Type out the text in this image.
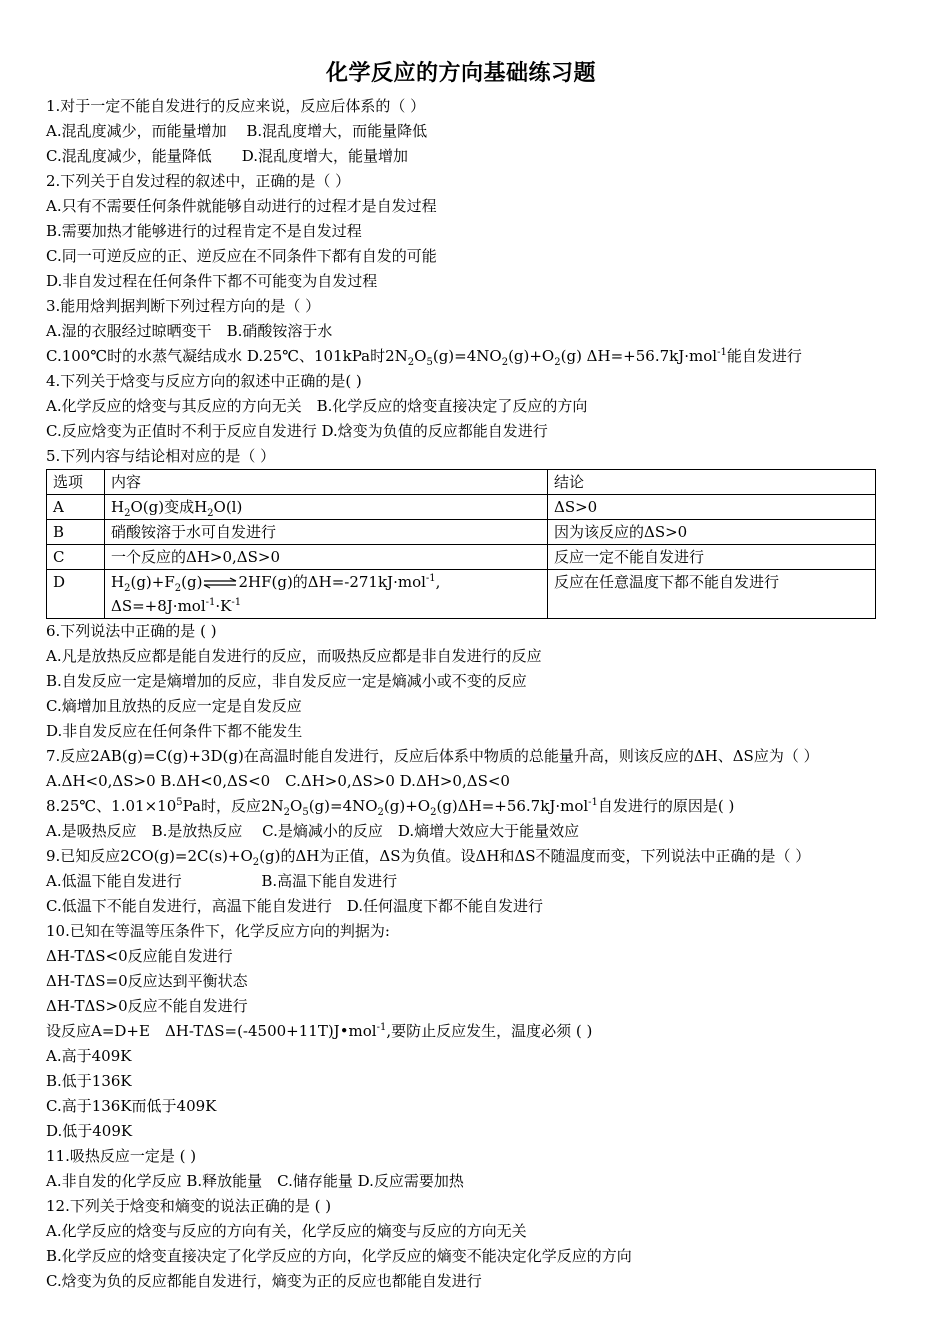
化学反应的方向基础练习题
1.对于一定不能自发进行的反应来说，反应后体系的（ ）
A.混乱度减少，而能量增加　 B.混乱度增大，而能量降低
C.混乱度减少，能量降低　　D.混乱度增大，能量增加
2.下列关于自发过程的叙述中，正确的是（ ）
A.只有不需要任何条件就能够自动进行的过程才是自发过程
B.需要加热才能够进行的过程肯定不是自发过程
C.同一可逆反应的正、逆反应在不同条件下都有自发的可能
D.非自发过程在任何条件下都不可能变为自发过程
3.能用焓判据判断下列过程方向的是（ ）
A.湿的衣服经过晾晒变干　B.硝酸铵溶于水
C.100℃时的水蒸气凝结成水 D.25℃、101kPa时$2N_2O_5(g)=4NO_2(g)+O_2(g)$ ΔH=+56.7kJ·mol$^{-1}$能自发进行
4.下列关于焓变与反应方向的叙述中正确的是( )
A.化学反应的焓变与其反应的方向无关　B.化学反应的焓变直接决定了反应的方向
C.反应焓变为正值时不利于反应自发进行 D.焓变为负值的反应都能自发进行
5.下列内容与结论相对应的是（ ）
选项	内容	结论
A	$H_2O(g)$变成$H_2O(l)$	ΔS>0
B	硝酸铵溶于水可自发进行	因为该反应的ΔS>0
C	一个反应的ΔH>0,ΔS>0	反应一定不能自发进行
D	$H_2(g)+F_2(g)\rightleftharpoons 2HF(g)$的ΔH=-271kJ·mol$^{-1}$,
$\Delta S=+8J\cdot mol^{-1}\cdot K^{-1}$	反应在任意温度下都不能自发进行
6.下列说法中正确的是 ( )
A.凡是放热反应都是能自发进行的反应，而吸热反应都是非自发进行的反应
B.自发反应一定是熵增加的反应，非自发反应一定是熵减小或不变的反应
C.熵增加且放热的反应一定是自发反应
D.非自发反应在任何条件下都不能发生
7.反应2AB(g)=C(g)+3D(g)在高温时能自发进行，反应后体系中物质的总能量升高，则该反应的ΔH、ΔS应为（ ）
A.ΔH<0,ΔS>0 B.ΔH<0,ΔS<0　C.ΔH>0,ΔS>0 D.ΔH>0,ΔS<0
8.25℃、$1.01\times 10^5Pa$时，反应$2N_2O_5(g)=4NO_2(g)+O_2(g)\Delta H=+56.7kJ\cdot mol^{-1}$自发进行的原因是( )
A.是吸热反应　B.是放热反应　 C.是熵减小的反应　D.熵增大效应大于能量效应
9.已知反应$2CO(g)=2C(s)+O_2(g)$的ΔH为正值，ΔS为负值。设ΔH和ΔS不随温度而变，下列说法中正确的是（ ）
A.低温下能自发进行　　　　　 B.高温下能自发进行
C.低温下不能自发进行，高温下能自发进行　D.任何温度下都不能自发进行
10.已知在等温等压条件下，化学反应方向的判据为:
ΔH-TΔS<0反应能自发进行
ΔH-TΔS=0反应达到平衡状态
ΔH-TΔS>0反应不能自发进行
设反应A=D+E　ΔH-TΔS=(-4500+11T)J•mol$^{-1}$,要防止反应发生，温度必须 ( )
A.高于409K
B.低于136K
C.高于136K而低于409K
D.低于409K
11.吸热反应一定是 ( )
A.非自发的化学反应 B.释放能量　C.储存能量 D.反应需要加热
12.下列关于焓变和熵变的说法正确的是 ( )
A.化学反应的焓变与反应的方向有关，化学反应的熵变与反应的方向无关
B.化学反应的焓变直接决定了化学反应的方向，化学反应的熵变不能决定化学反应的方向
C.焓变为负的反应都能自发进行，熵变为正的反应也都能自发进行
